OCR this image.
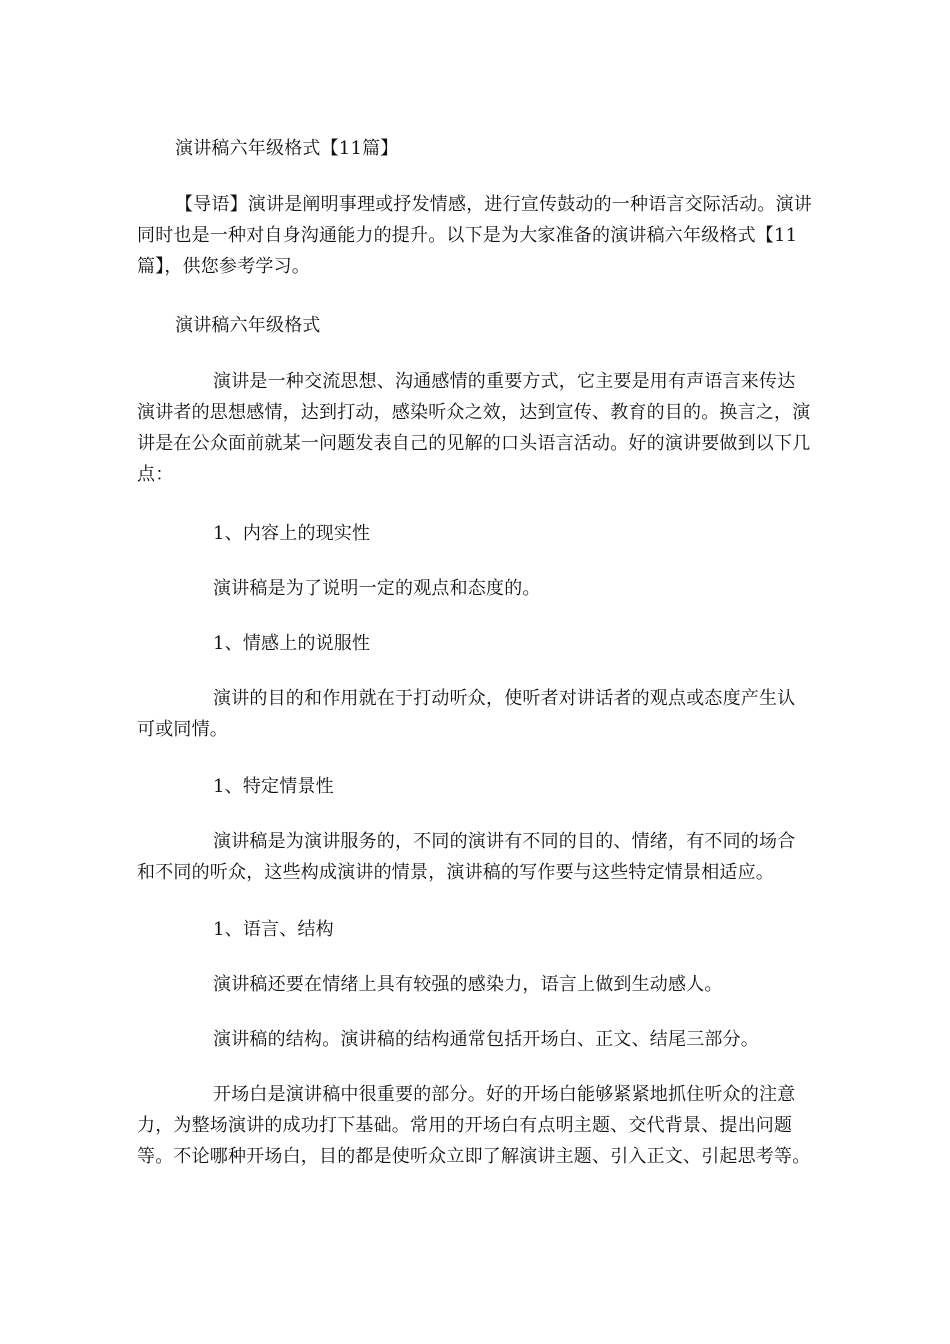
演讲稿六年级格式【11篇】

【导语】演讲是阐明事理或抒发情感，进行宣传鼓动的一种语言交际活动。演讲同时也是一种对自身沟通能力的提升。以下是为大家准备的演讲稿六年级格式【11篇】，供您参考学习。

演讲稿六年级格式

演讲是一种交流思想、沟通感情的重要方式，它主要是用有声语言来传达演讲者的思想感情，达到打动，感染听众之效，达到宣传、教育的目的。换言之，演讲是在公众面前就某一问题发表自己的见解的口头语言活动。好的演讲要做到以下几点：

1、内容上的现实性

演讲稿是为了说明一定的观点和态度的。

1、情感上的说服性

演讲的目的和作用就在于打动听众，使听者对讲话者的观点或态度产生认可或同情。

1、特定情景性

演讲稿是为演讲服务的，不同的演讲有不同的目的、情绪，有不同的场合和不同的听众，这些构成演讲的情景，演讲稿的写作要与这些特定情景相适应。

1、语言、结构

演讲稿还要在情绪上具有较强的感染力，语言上做到生动感人。

演讲稿的结构。演讲稿的结构通常包括开场白、正文、结尾三部分。

开场白是演讲稿中很重要的部分。好的开场白能够紧紧地抓住听众的注意力，为整场演讲的成功打下基础。常用的开场白有点明主题、交代背景、提出问题等。不论哪种开场白，目的都是使听众立即了解演讲主题、引入正文、引起思考等。
